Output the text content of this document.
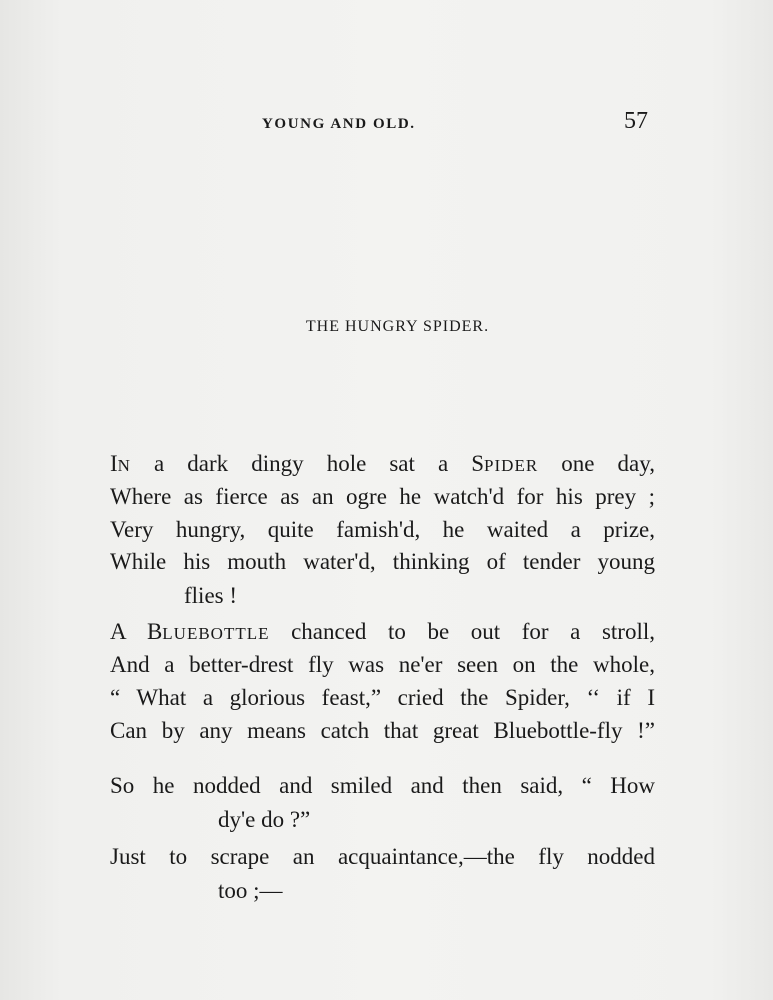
YOUNG AND OLD.	57
THE HUNGRY SPIDER.
IN a dark dingy hole sat a SPIDER one day,
Where as fierce as an ogre he watch'd for his prey ;
Very hungry, quite famish'd, he waited a prize,
While his mouth water'd, thinking of tender young
flies !
A BLUEBOTTLE chanced to be out for a stroll,
And a better-drest fly was ne'er seen on the whole,
“ What a glorious feast,” cried the Spider, ‘‘ if I
Can by any means catch that great Bluebottle-fly !”
So he nodded and smiled and then said, “ How
dy'e do ?”
Just to scrape an acquaintance,—the fly nodded
too ;—
